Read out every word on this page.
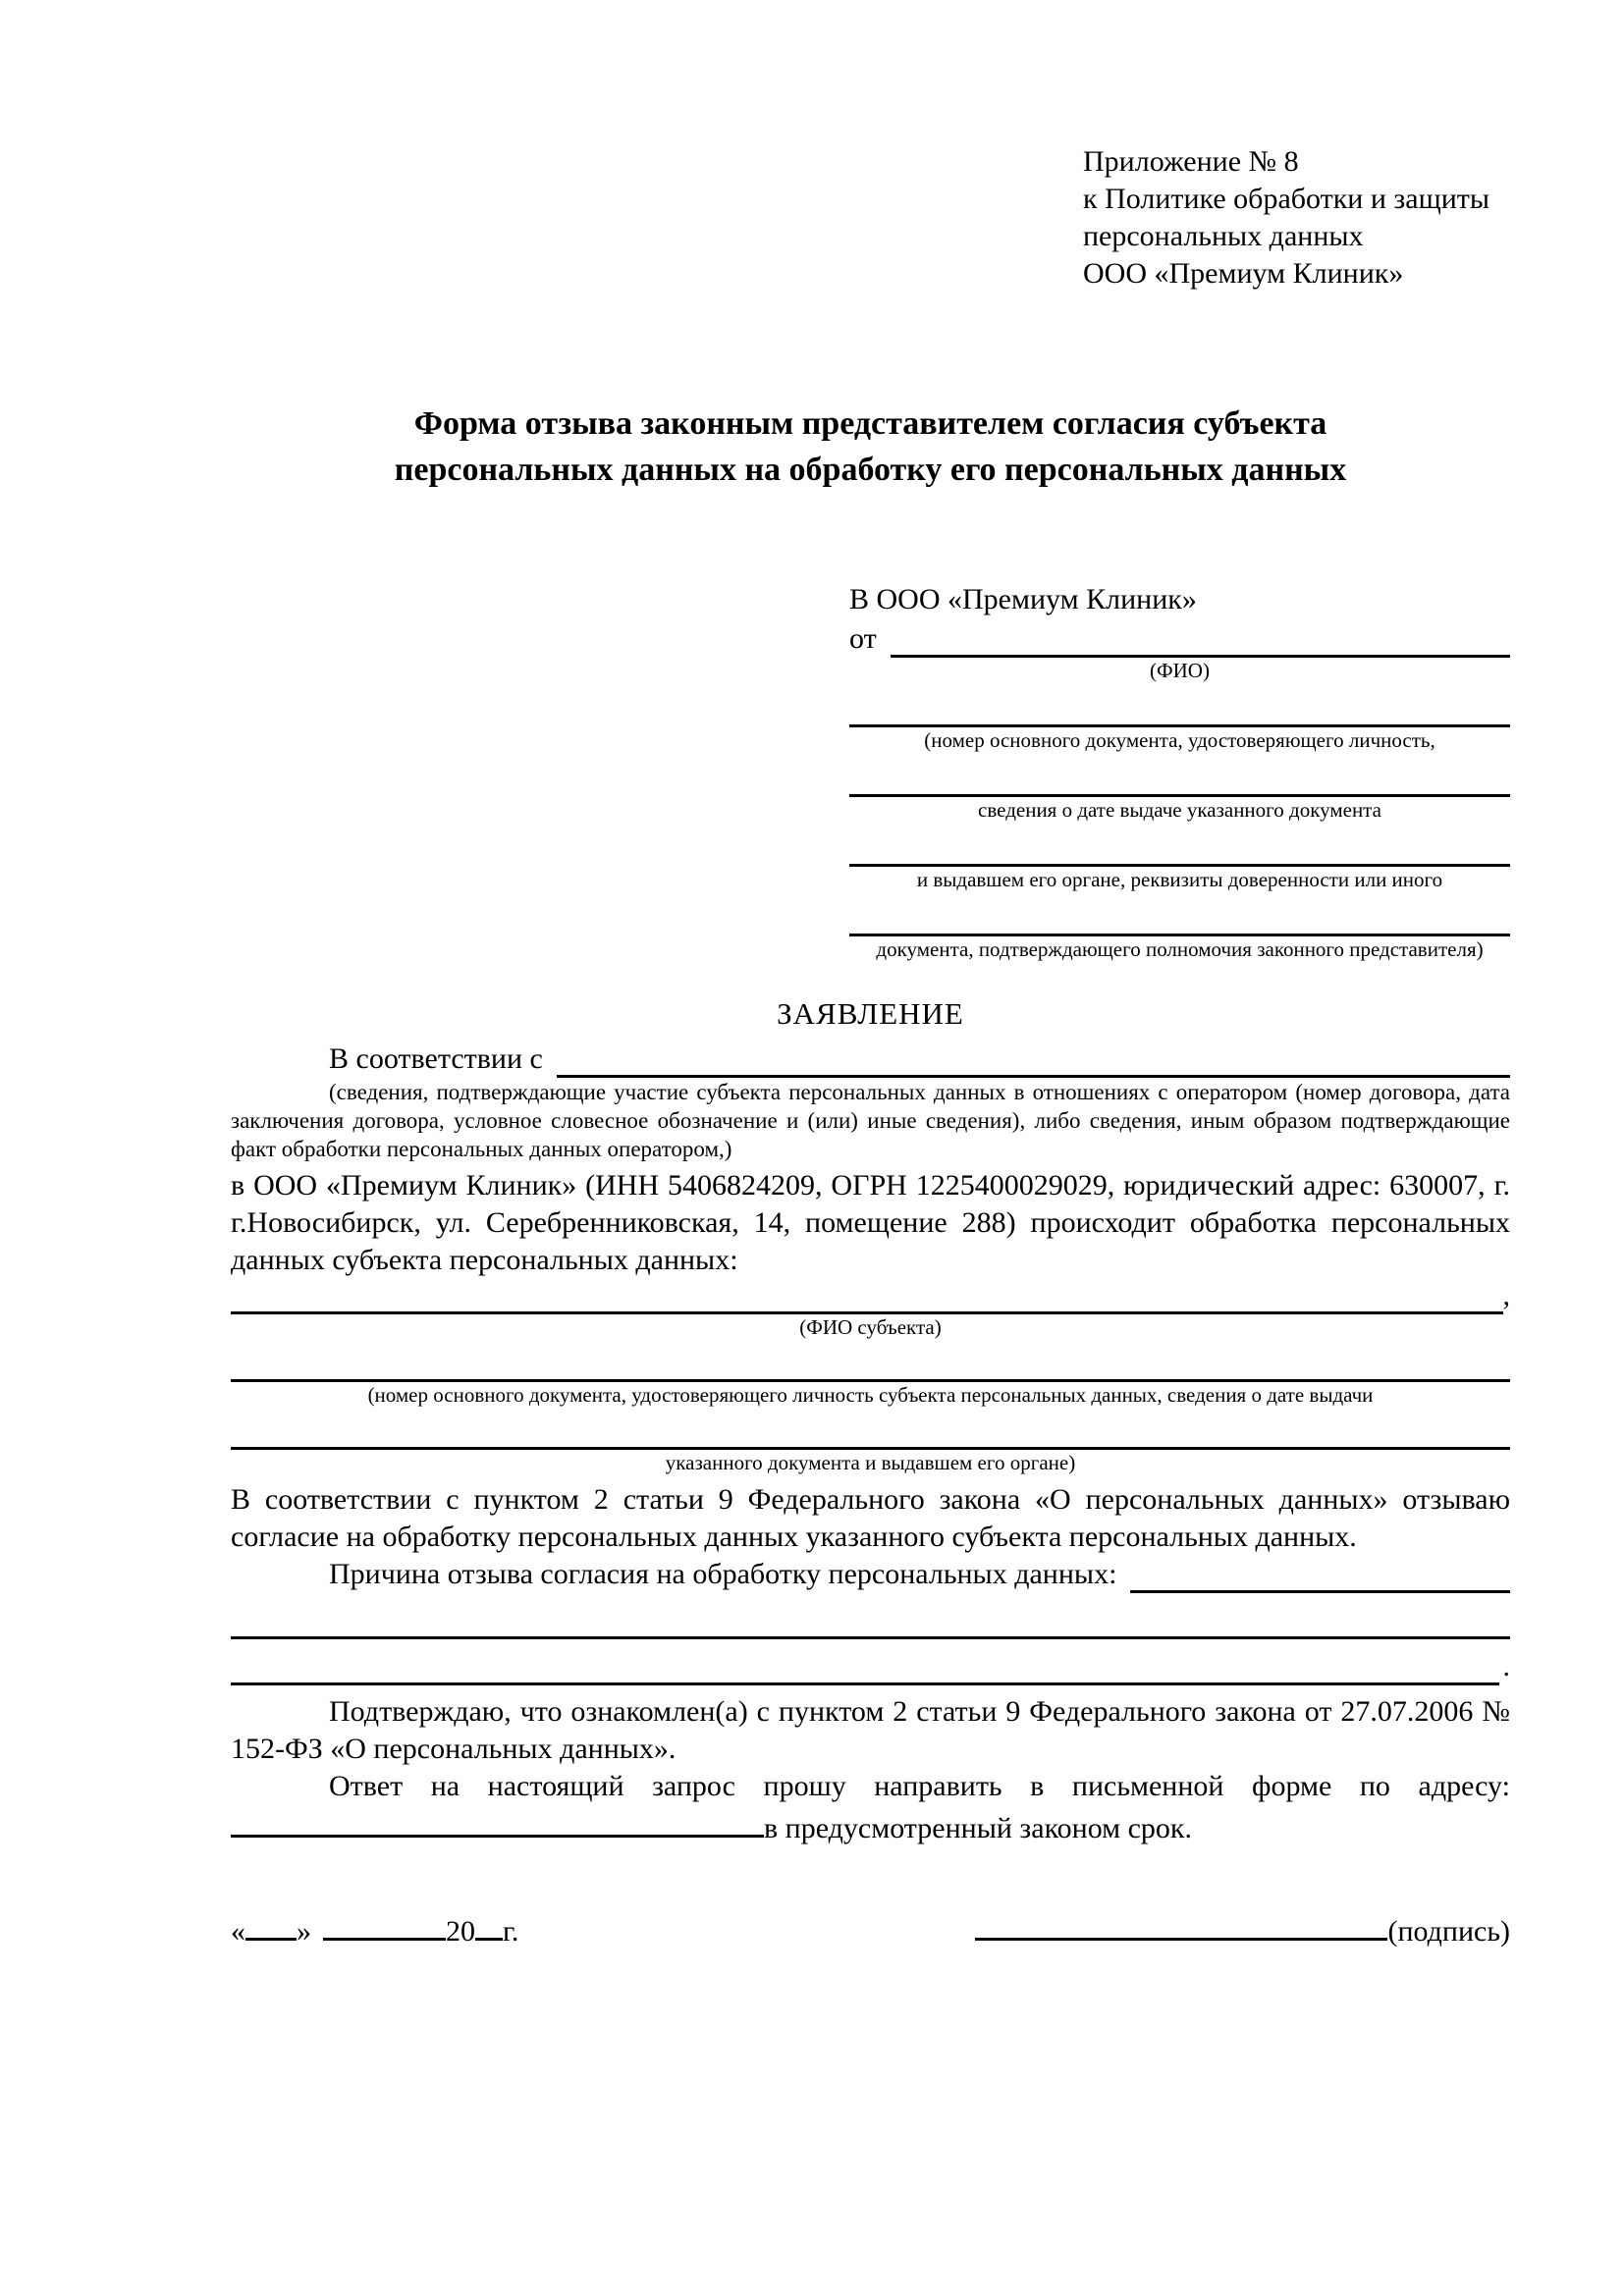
Приложение № 8
к Политике обработки и защиты
персональных данных
ООО «Премиум Клиник»
Форма отзыва законным представителем согласия субъекта
персональных данных на обработку его персональных данных
В ООО «Премиум Клиник»
от
(ФИО)
(номер основного документа, удостоверяющего личность,
сведения о дате выдаче указанного документа
и выдавшем его органе, реквизиты доверенности или иного
документа, подтверждающего полномочия законного представителя)
ЗАЯВЛЕНИЕ
В соответствии с
(сведения, подтверждающие участие субъекта персональных данных в отношениях с оператором (номер договора, дата заключения договора, условное словесное обозначение и (или) иные сведения), либо сведения, иным образом подтверждающие факт обработки персональных данных оператором,)
в ООО «Премиум Клиник» (ИНН 5406824209, ОГРН 1225400029029, юридический адрес: 630007, г. г.Новосибирск, ул. Серебренниковская, 14, помещение 288) происходит обработка персональных данных субъекта персональных данных:
,
(ФИО субъекта)
(номер основного документа, удостоверяющего личность субъекта персональных данных, сведения о дате выдачи
указанного документа и выдавшем его органе)
В соответствии с пунктом 2 статьи 9 Федерального закона «О персональных данных» отзываю согласие на обработку персональных данных указанного субъекта персональных данных.
Причина отзыва согласия на обработку персональных данных:
.
Подтверждаю, что ознакомлен(а) с пунктом 2 статьи 9 Федерального закона от 27.07.2006 № 152-ФЗ «О персональных данных».
Ответ на настоящий запрос прошу направить в письменной форме по адресу: в предусмотренный законом срок.
« »	20 г.	(подпись)
